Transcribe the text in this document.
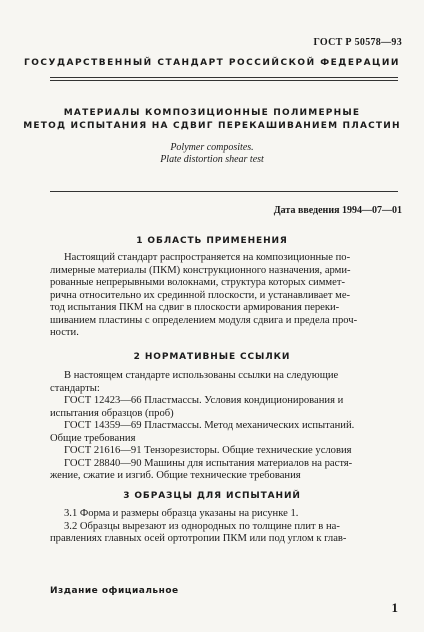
ГОСТ Р 50578—93
ГОСУДАРСТВЕННЫЙ СТАНДАРТ РОССИЙСКОЙ ФЕДЕРАЦИИ
МАТЕРИАЛЫ КОМПОЗИЦИОННЫЕ ПОЛИМЕРНЫЕ
МЕТОД ИСПЫТАНИЯ НА СДВИГ ПЕРЕКАШИВАНИЕМ ПЛАСТИН
Polymer composites.
Plate distortion shear test
Дата введения 1994—07—01
1 ОБЛАСТЬ ПРИМЕНЕНИЯ
Настоящий стандарт распространяется на композиционные по-
лимерные материалы (ПКМ) конструкционного назначения, арми-
рованные непрерывными волокнами, структура которых симмет-
рична относительно их срединной плоскости, и устанавливает ме-
тод испытания ПКМ на сдвиг в плоскости армирования переки-
шиванием пластины с определением модуля сдвига и предела проч-
ности.
2 НОРМАТИВНЫЕ ССЫЛКИ
В настоящем стандарте использованы ссылки на следующие
стандарты:
ГОСТ 12423—66 Пластмассы. Условия кондиционирования и
испытания образцов (проб)
ГОСТ 14359—69 Пластмассы. Метод механических испытаний.
Общие требования
ГОСТ 21616—91 Тензорезисторы. Общие технические условия
ГОСТ 28840—90 Машины для испытания материалов на растя-
жение, сжатие и изгиб. Общие технические требования
3 ОБРАЗЦЫ ДЛЯ ИСПЫТАНИЙ
3.1 Форма и размеры образца указаны на рисунке 1.
3.2 Образцы вырезают из однородных по толщине плит в на-
правлениях главных осей ортотропии ПКМ или под углом к глав-
Издание официальное
1
